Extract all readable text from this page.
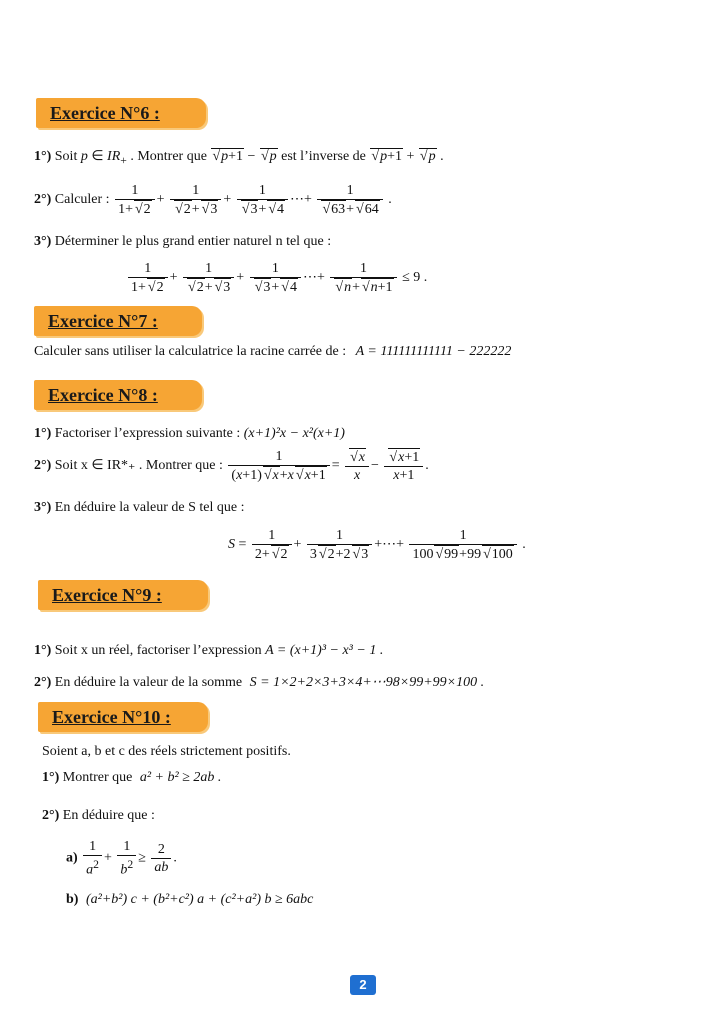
Exercice N°6 :
1°) Soit p ∈ $IR_+$ . Montrer que √ p+1 − √ p est l’inverse de √ p+1 + √ p .
2°) Calculer : $\frac{1}{1+ √ 2} + 1$
√ 2+ √ 3 + 1
√ 3+ √ 4 ⋯+ 1
√ 63+ √ 64 .
3°) Déterminer le plus grand entier naturel n tel que :
$\frac{1}{1+ √ 2} + 1$
√ 2+ √ 3 + 1
√ 3+ √ 4 ⋯+ 1
√ n+ √ n+1 ≤ 9 .
Exercice N°7 :
Calculer sans utiliser la calculatrice la racine carrée de : A = 111111111111 − 222222
Exercice N°8 :
1°) Factoriser l’expression suivante : (x+1)²x − x²(x+1)
2°) Soit x ∈ IR*₊ . Montrer que : $\frac{1}{(x+1) √ x+x √ x+1}$ = √ $\frac{x}{x}$ − √ $\frac{x+1}{x+1}$ .
3°) En déduire la valeur de S tel que :
$S = \frac{1}{2+ √ 2} + \frac{1}{3 √ 2+2 √ 3}$ +⋯+ $\frac{1}{100 √ 99+99 √ 100}$ .
Exercice N°9 :
1°) Soit x un réel, factoriser l’expression A = (x+1)³ − x³ − 1 .
2°) En déduire la valeur de la somme S = 1×2+2×3+3×4+⋯98×99+99×100 .
Exercice N°10 :
Soient a, b et c des réels strictement positifs.
1°) Montrer que a² + b² ≥ 2ab .
2°) En déduire que :
$a) \frac{1}{a^2} + \frac{1}{b^2} \ge \frac{2}{ab}$ .
b) (a²+b²) c + (b²+c²) a + (c²+a²) b ≥ 6abc
2
